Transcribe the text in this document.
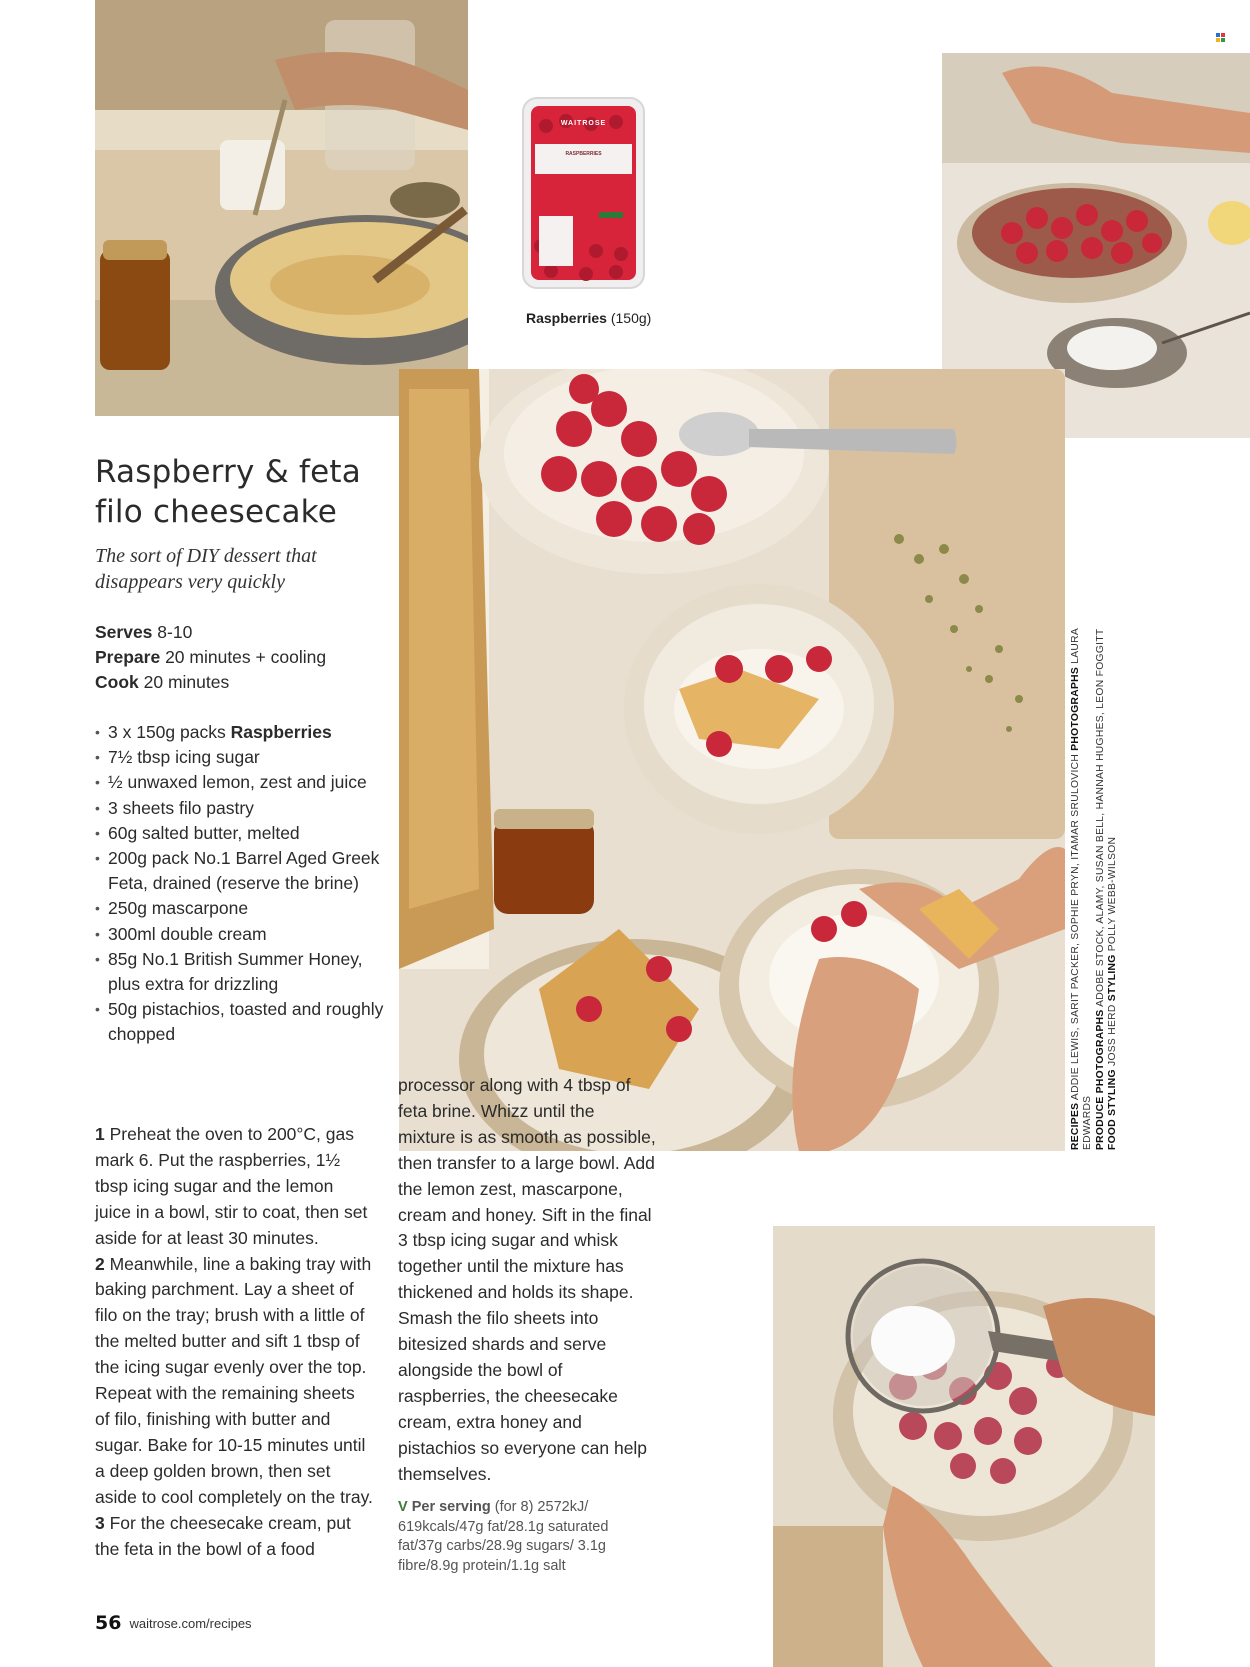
WAITROSE
RASPBERRIES
Raspberries (150g)
Raspberry & feta filo cheesecake

The sort of DIY dessert that disappears very quickly

Serves 8-10
Prepare 20 minutes + cooling
Cook 20 minutes
• 3 x 150g packs Raspberries
• 7½ tbsp icing sugar
• ½ unwaxed lemon, zest and juice
• 3 sheets filo pastry
• 60g salted butter, melted
• 200g pack No.1 Barrel Aged Greek Feta, drained (reserve the brine)
• 250g mascarpone
• 300ml double cream
• 85g No.1 British Summer Honey, plus extra for drizzling
• 50g pistachios, toasted and roughly chopped
1 Preheat the oven to 200°C, gas mark 6. Put the raspberries, 1½ tbsp icing sugar and the lemon juice in a bowl, stir to coat, then set aside for at least 30 minutes.
2 Meanwhile, line a baking tray with baking parchment. Lay a sheet of filo on the tray; brush with a little of the melted butter and sift 1 tbsp of the icing sugar evenly over the top. Repeat with the remaining sheets of filo, finishing with butter and sugar. Bake for 10-15 minutes until a deep golden brown, then set aside to cool completely on the tray.
3 For the cheesecake cream, put the feta in the bowl of a food
processor along with 4 tbsp of feta brine. Whizz until the mixture is as smooth as possible, then transfer to a large bowl. Add the lemon zest, mascarpone, cream and honey. Sift in the final 3 tbsp icing sugar and whisk together until the mixture has thickened and holds its shape. Smash the filo sheets into bitesized shards and serve alongside the bowl of raspberries, the cheesecake cream, extra honey and pistachios so everyone can help themselves.
V Per serving (for 8) 2572kJ/ 619kcals/47g fat/28.1g saturated fat/37g carbs/28.9g sugars/ 3.1g fibre/8.9g protein/1.1g salt
RECIPES ADDIE LEWIS, SARIT PACKER, SOPHIE PRYN, ITAMAR SRULOVICH PHOTOGRAPHS LAURA EDWARDS PRODUCE PHOTOGRAPHS ADOBE STOCK, ALAMY, SUSAN BELL, HANNAH HUGHES, LEON FOGGITT
FOOD STYLING JOSS HERD STYLING POLLY WEBB-WILSON
56 waitrose.com/recipes
